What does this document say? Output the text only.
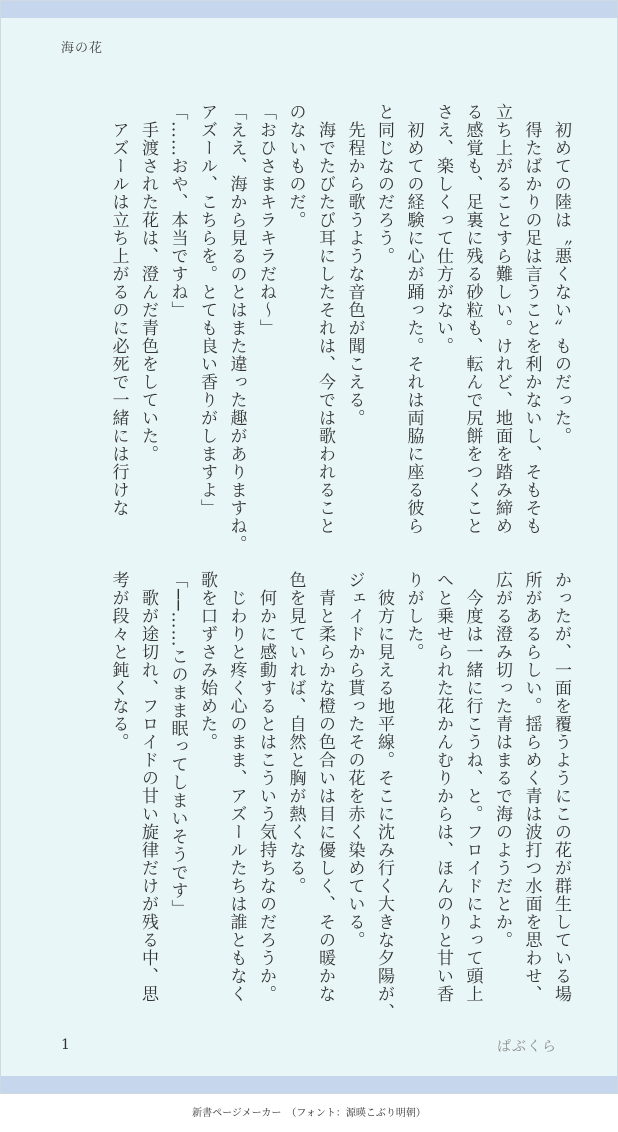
海の花
　初めての陸は〝悪くない〟ものだった。
　得たばかりの足は言うことを利かないし、そもそも
立ち上がることすら難しい。けれど、地面を踏み締め
る感覚も、足裏に残る砂粒も、転んで尻餅をつくこと
さえ、楽しくって仕方がない。
　初めての経験に心が踊った。それは両脇に座る彼ら
と同じなのだろう。
　先程から歌うような音色が聞こえる。
　海でたびたび耳にしたそれは、今では歌われること
のないものだ。
「おひさまキラキラだね〜」
「ええ、海から見るのとはまた違った趣がありますね。
アズール、こちらを。とても良い香りがしますよ」
「……おや、本当ですね」
　手渡された花は、澄んだ青色をしていた。
　アズールは立ち上がるのに必死で一緒には行けな
かったが、一面を覆うようにこの花が群生している場
所があるらしい。揺らめく青は波打つ水面を思わせ、
広がる澄み切った青はまるで海のようだとか。
　今度は一緒に行こうね、と。フロイドによって頭上
へと乗せられた花かんむりからは、ほんのりと甘い香
りがした。
　彼方に見える地平線。そこに沈み行く大きな夕陽が、
ジェイドから貰ったその花を赤く染めている。
　青と柔らかな橙の色合いは目に優しく、その暖かな
色を見ていれば、自然と胸が熱くなる。
　何かに感動するとはこういう気持ちなのだろうか。
　じわりと疼く心のまま、アズールたちは誰ともなく
歌を口ずさみ始めた。
「──……このまま眠ってしまいそうです」
　歌が途切れ、フロイドの甘い旋律だけが残る中、思
考が段々と鈍くなる。
1	ぱぶくら
新書ページメーカー　（フォント：源暎こぶり明朝）
